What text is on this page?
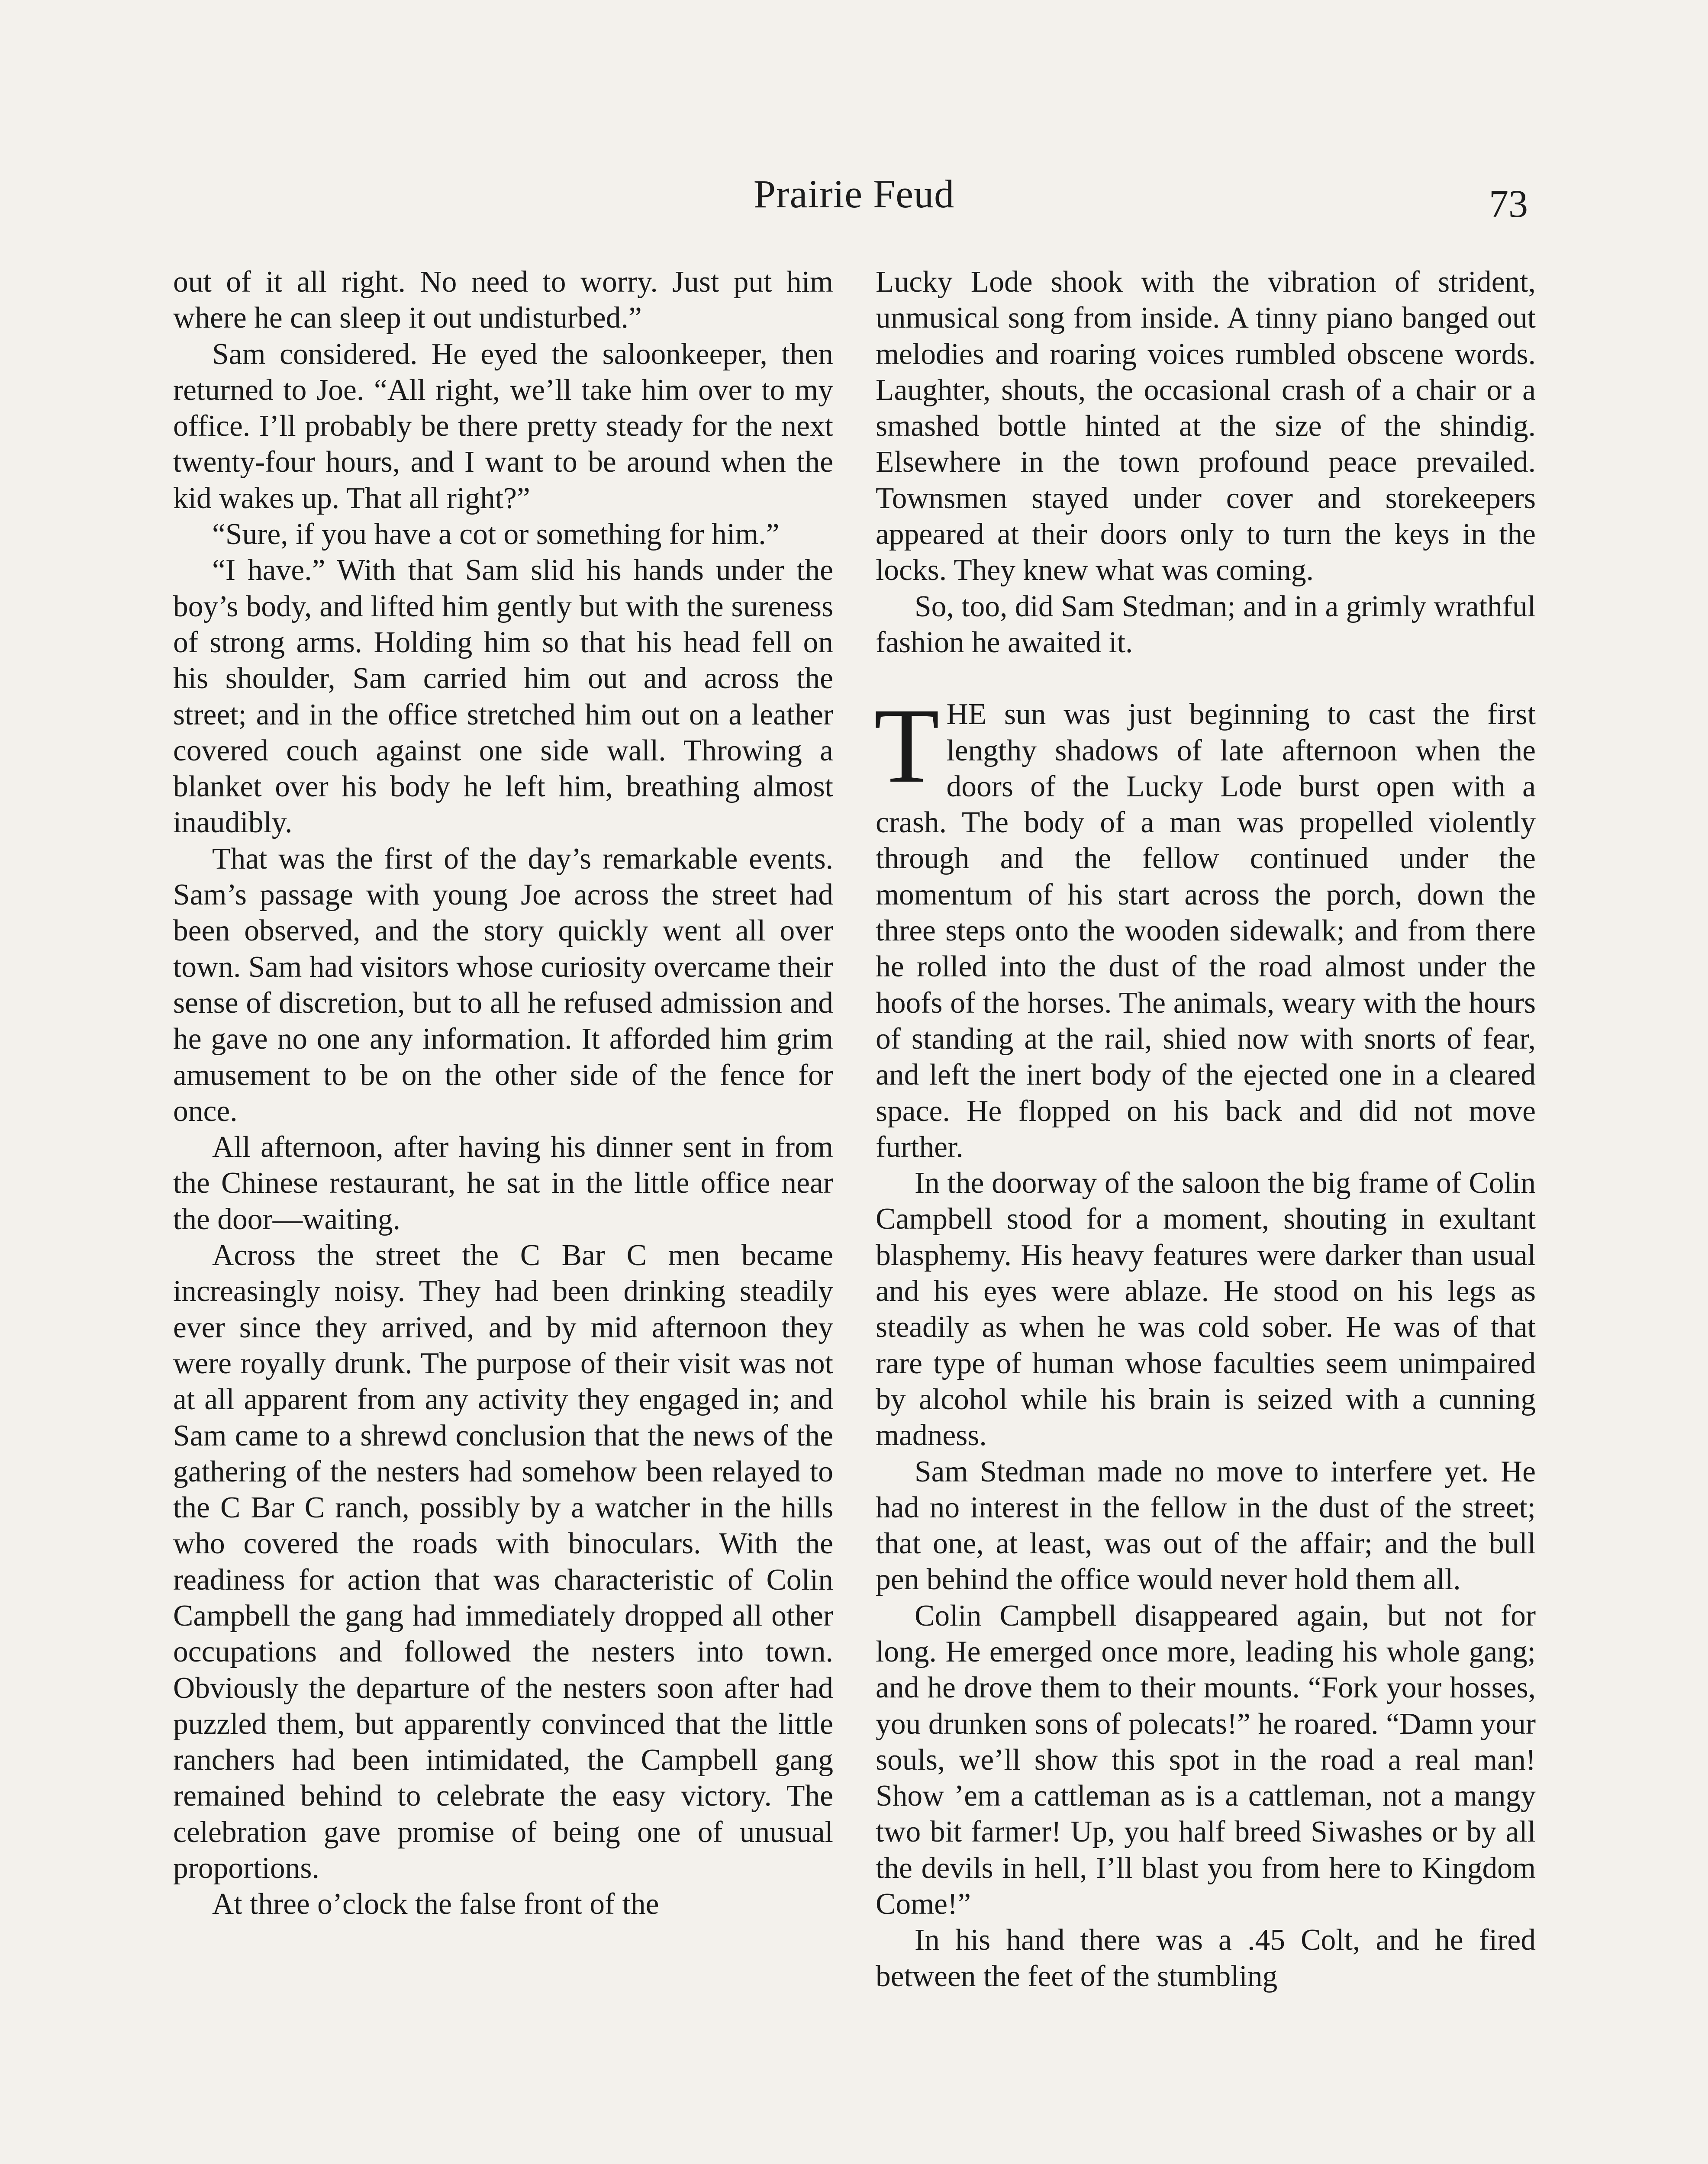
Prairie Feud	73

out of it all right. No need to worry. Just put him where he can sleep it out undisturbed.”

Sam considered. He eyed the saloonkeeper, then returned to Joe. “All right, we’ll take him over to my office. I’ll probably be there pretty steady for the next twenty-four hours, and I want to be around when the kid wakes up. That all right?”

“Sure, if you have a cot or something for him.”

“I have.” With that Sam slid his hands under the boy’s body, and lifted him gently but with the sureness of strong arms. Holding him so that his head fell on his shoulder, Sam carried him out and across the street; and in the office stretched him out on a leather covered couch against one side wall. Throwing a blanket over his body he left him, breathing almost inaudibly.

That was the first of the day’s remarkable events. Sam’s passage with young Joe across the street had been observed, and the story quickly went all over town. Sam had visitors whose curiosity overcame their sense of discretion, but to all he refused admission and he gave no one any information. It afforded him grim amusement to be on the other side of the fence for once.

All afternoon, after having his dinner sent in from the Chinese restaurant, he sat in the little office near the door—waiting.

Across the street the C Bar C men became increasingly noisy. They had been drinking steadily ever since they arrived, and by mid afternoon they were royally drunk. The purpose of their visit was not at all apparent from any activity they engaged in; and Sam came to a shrewd conclusion that the news of the gathering of the nesters had somehow been relayed to the C Bar C ranch, possibly by a watcher in the hills who covered the roads with binoculars. With the readiness for action that was characteristic of Colin Campbell the gang had immediately dropped all other occupations and followed the nesters into town. Obviously the departure of the nesters soon after had puzzled them, but apparently convinced that the little ranchers had been intimidated, the Campbell gang remained behind to celebrate the easy victory. The celebration gave promise of being one of unusual proportions.

At three o’clock the false front of the

Lucky Lode shook with the vibration of strident, unmusical song from inside. A tinny piano banged out melodies and roaring voices rumbled obscene words. Laughter, shouts, the occasional crash of a chair or a smashed bottle hinted at the size of the shindig. Elsewhere in the town profound peace prevailed. Townsmen stayed under cover and storekeepers appeared at their doors only to turn the keys in the locks. They knew what was coming.

So, too, did Sam Stedman; and in a grimly wrathful fashion he awaited it.

THE sun was just beginning to cast the first lengthy shadows of late afternoon when the doors of the Lucky Lode burst open with a crash. The body of a man was propelled violently through and the fellow continued under the momentum of his start across the porch, down the three steps onto the wooden sidewalk; and from there he rolled into the dust of the road almost under the hoofs of the horses. The animals, weary with the hours of standing at the rail, shied now with snorts of fear, and left the inert body of the ejected one in a cleared space. He flopped on his back and did not move further.

In the doorway of the saloon the big frame of Colin Campbell stood for a moment, shouting in exultant blasphemy. His heavy features were darker than usual and his eyes were ablaze. He stood on his legs as steadily as when he was cold sober. He was of that rare type of human whose faculties seem unimpaired by alcohol while his brain is seized with a cunning madness.

Sam Stedman made no move to interfere yet. He had no interest in the fellow in the dust of the street; that one, at least, was out of the affair; and the bull pen behind the office would never hold them all.

Colin Campbell disappeared again, but not for long. He emerged once more, leading his whole gang; and he drove them to their mounts. “Fork your hosses, you drunken sons of polecats!” he roared. “Damn your souls, we’ll show this spot in the road a real man! Show ’em a cattleman as is a cattleman, not a mangy two bit farmer! Up, you half breed Siwashes or by all the devils in hell, I’ll blast you from here to Kingdom Come!”

In his hand there was a .45 Colt, and he fired between the feet of the stumbling
